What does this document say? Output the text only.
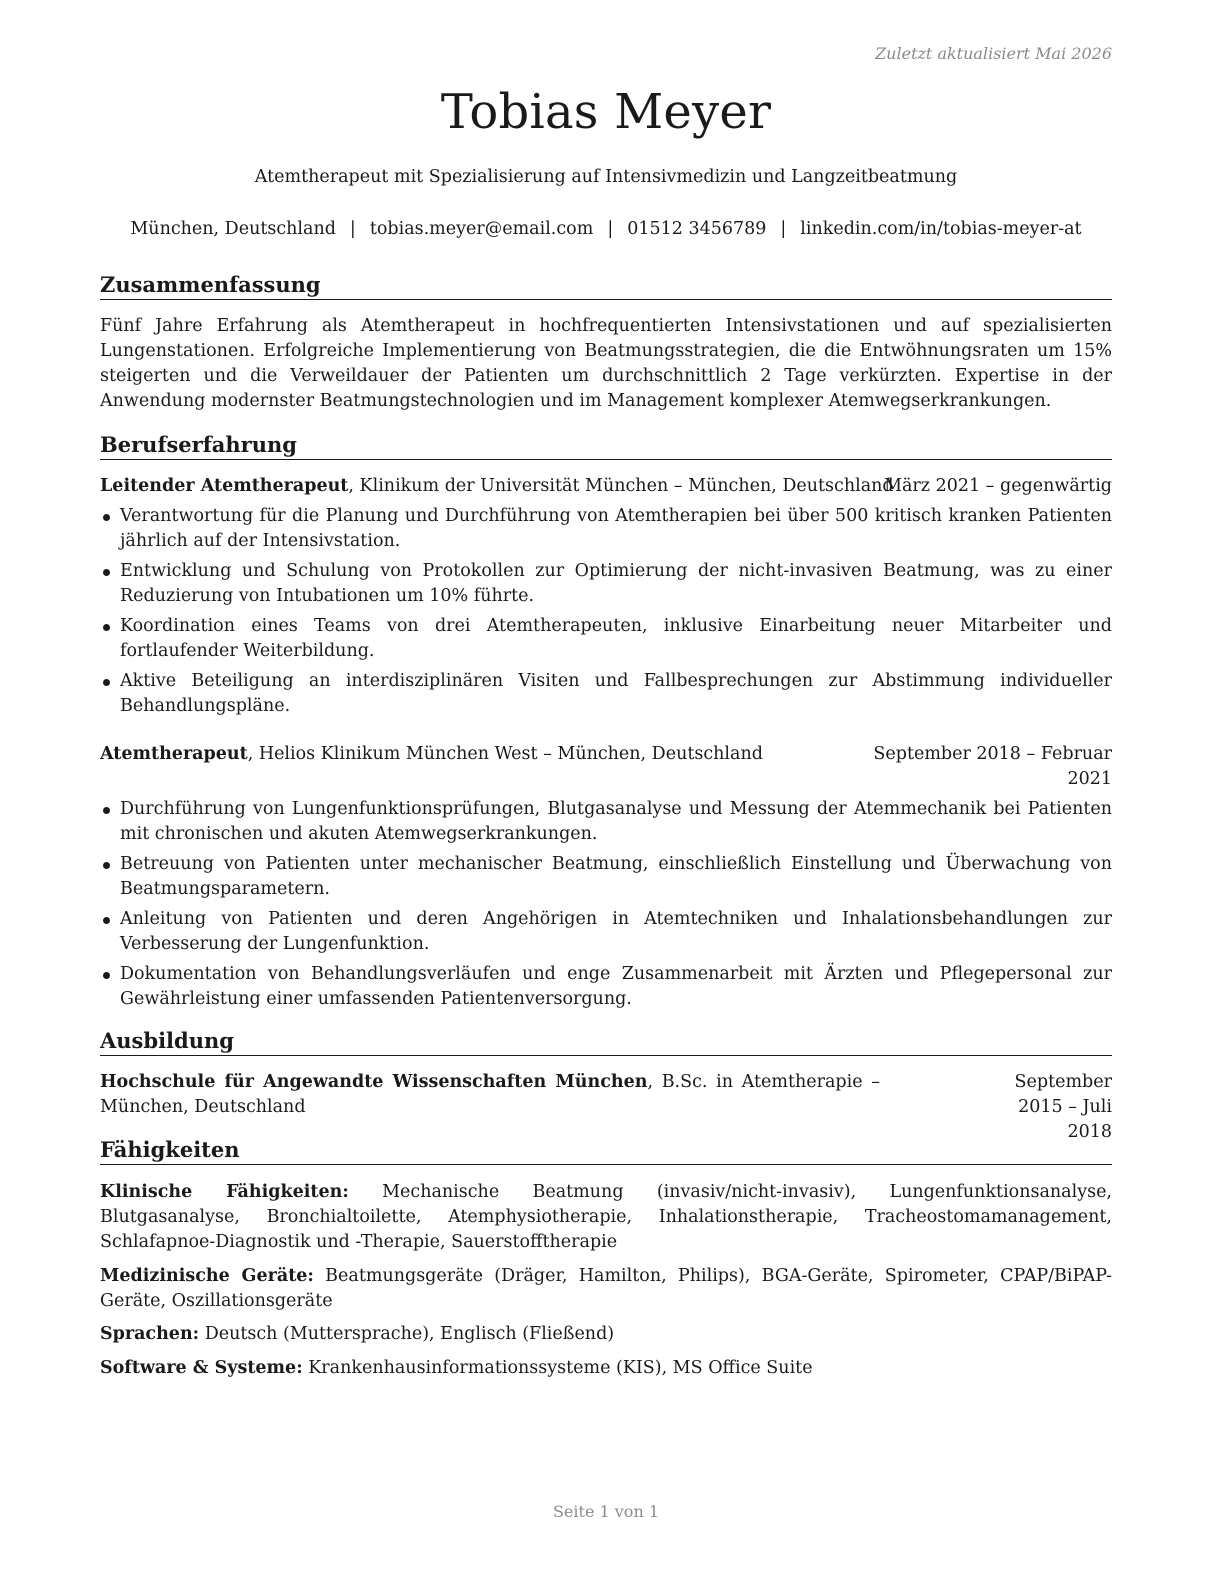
Zuletzt aktualisiert Mai 2026
Tobias Meyer
Atemtherapeut mit Spezialisierung auf Intensivmedizin und Langzeitbeatmung
München, Deutschland | tobias.meyer@email.com | 01512 3456789 | linkedin.com/in/tobias-meyer-at
Zusammenfassung

Fünf Jahre Erfahrung als Atemtherapeut in hochfrequentierten Intensivstationen und auf spezialisierten Lungenstationen. Erfolgreiche Implementierung von Beatmungsstrategien, die die Entwöhnungsraten um 15% steigerten und die Verweildauer der Patienten um durchschnittlich 2 Tage verkürzten. Expertise in der Anwendung modernster Beatmungstechnologien und im Management komplexer Atemwegserkrankungen.

Berufserfahrung
Leitender Atemtherapeut, Klinikum der Universität München – München, Deutschland
März 2021 – gegenwärtig
Verantwortung für die Planung und Durchführung von Atemtherapien bei über 500 kritisch kranken Patienten jährlich auf der Intensivstation.
Entwicklung und Schulung von Protokollen zur Optimierung der nicht-invasiven Beatmung, was zu einer Reduzierung von Intubationen um 10% führte.
Koordination eines Teams von drei Atemtherapeuten, inklusive Einarbeitung neuer Mitarbeiter und fortlaufender Weiterbildung.
Aktive Beteiligung an interdisziplinären Visiten und Fallbesprechungen zur Abstimmung individueller Behandlungspläne.
Atemtherapeut, Helios Klinikum München West – München, Deutschland	September 2018 – Februar
2021
Durchführung von Lungenfunktionsprüfungen, Blutgasanalyse und Messung der Atemmechanik bei Patienten mit chronischen und akuten Atemwegserkrankungen.
Betreuung von Patienten unter mechanischer Beatmung, einschließlich Einstellung und Überwachung von Beatmungsparametern.
Anleitung von Patienten und deren Angehörigen in Atemtechniken und Inhalationsbehandlungen zur Verbesserung der Lungenfunktion.
Dokumentation von Behandlungsverläufen und enge Zusammenarbeit mit Ärzten und Pflegepersonal zur Gewährleistung einer umfassenden Patientenversorgung.
Ausbildung
Hochschule für Angewandte Wissenschaften München, B.Sc. in Atemtherapie – München, Deutschland
September 2015 – Juli 2018
Fähigkeiten

Klinische Fähigkeiten: Mechanische Beatmung (invasiv/nicht-invasiv), Lungenfunktionsanalyse, Blutgasanalyse, Bronchialtoilette, Atemphysiotherapie, Inhalationstherapie, Tracheostomamanagement, Schlafapnoe-Diagnostik und -Therapie, Sauerstofftherapie

Medizinische Geräte: Beatmungsgeräte (Dräger, Hamilton, Philips), BGA-Geräte, Spirometer, CPAP/BiPAP-Geräte, Oszillationsgeräte

Sprachen: Deutsch (Muttersprache), Englisch (Fließend)

Software & Systeme: Krankenhausinformationssysteme (KIS), MS Office Suite

Seite 1 von 1
